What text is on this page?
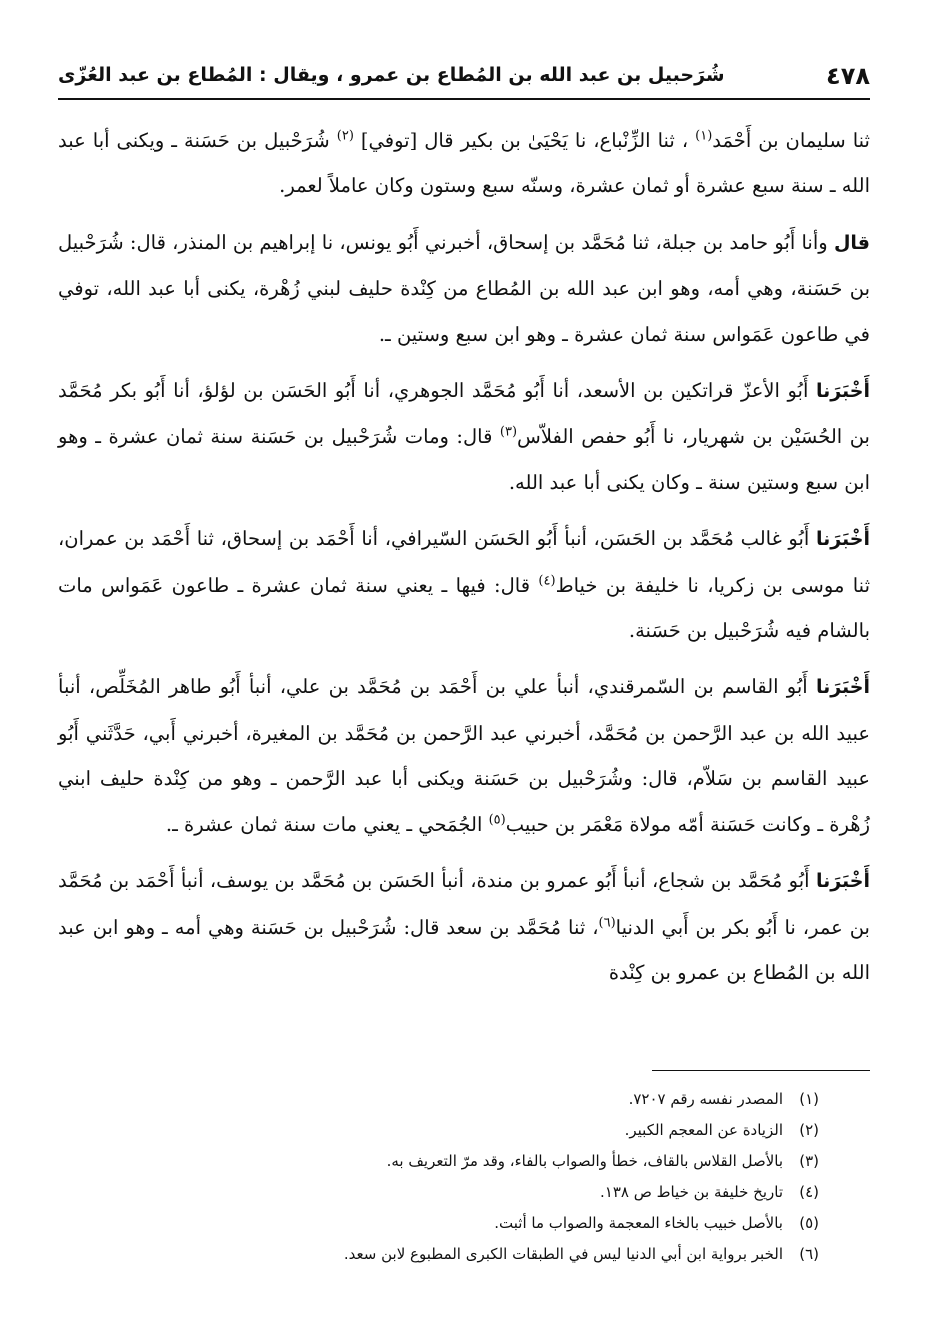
٤٧٨
شُرَحبيل بن عبد الله بن المُطاع بن عمرو ، ويقال : المُطاع بن عبد العُزّى

ثنا سليمان بن أَحْمَد$^{(١)}$ ، ثنا الزِّنْباع، نا يَحْيَىٰ بن بكير قال [توفي] $^{(٢)}$ شُرَحْبيل بن حَسَنة ـ ويكنى أبا عبد الله ـ سنة سبع عشرة أو ثمان عشرة، وسنّه سبع وستون وكان عاملاً لعمر.

قال وأنا أَبُو حامد بن جبلة، ثنا مُحَمَّد بن إسحاق، أخبرني أَبُو يونس، نا إبراهيم بن المنذر، قال: شُرَحْبيل بن حَسَنة، وهي أمه، وهو ابن عبد الله بن المُطاع من كِنْدة حليف لبني زُهْرة، يكنى أبا عبد الله، توفي في طاعون عَمَواس سنة ثمان عشرة ـ وهو ابن سبع وستين ـ.

أَخْبَرَنا أَبُو الأعزّ قراتكين بن الأسعد، أنا أَبُو مُحَمَّد الجوهري، أنا أَبُو الحَسَن بن لؤلؤ، أنا أَبُو بكر مُحَمَّد بن الحُسَيْن بن شهريار، نا أَبُو حفص الفلاّس$^{(٣)}$ قال: ومات شُرَحْبيل بن حَسَنة سنة ثمان عشرة ـ وهو ابن سبع وستين سنة ـ وكان يكنى أبا عبد الله.

أَخْبَرَنا أَبُو غالب مُحَمَّد بن الحَسَن، أنبأ أَبُو الحَسَن السّيرافي، أنا أَحْمَد بن إسحاق، ثنا أَحْمَد بن عمران، ثنا موسى بن زكريا، نا خليفة بن خياط$^{(٤)}$ قال: فيها ـ يعني سنة ثمان عشرة ـ طاعون عَمَواس مات بالشام فيه شُرَحْبيل بن حَسَنة.

أَخْبَرَنا أَبُو القاسم بن السّمرقندي، أنبأ علي بن أَحْمَد بن مُحَمَّد بن علي، أنبأ أَبُو طاهر المُخَلِّص، أنبأ عبيد الله بن عبد الرَّحمن بن مُحَمَّد، أخبرني عبد الرَّحمن بن مُحَمَّد بن المغيرة، أخبرني أَبي، حَدَّثَني أَبُو عبيد القاسم بن سَلاّم، قال: وشُرَحْبيل بن حَسَنة ويكنى أبا عبد الرَّحمن ـ وهو من كِنْدة حليف ابني زُهْرة ـ وكانت حَسَنة أمّه مولاة مَعْمَر بن حبيب$^{(٥)}$ الجُمَحي ـ يعني مات سنة ثمان عشرة ـ.

أَخْبَرَنا أَبُو مُحَمَّد بن شجاع، أنبأ أَبُو عمرو بن مندة، أنبأ الحَسَن بن مُحَمَّد بن يوسف، أنبأ أَحْمَد بن مُحَمَّد بن عمر، نا أَبُو بكر بن أَبي الدنيا$^{(٦)}$، ثنا مُحَمَّد بن سعد قال: شُرَحْبيل بن حَسَنة وهي أمه ـ وهو ابن عبد الله بن المُطاع بن عمرو بن كِنْدة

(١)المصدر نفسه رقم ٧٢٠٧.
(٢)الزيادة عن المعجم الكبير.
(٣)بالأصل القلاس بالقاف، خطأ والصواب بالفاء، وقد مرّ التعريف به.
(٤)تاريخ خليفة بن خياط ص ١٣٨.
(٥)بالأصل خبيب بالخاء المعجمة والصواب ما أثبت.
(٦)الخبر برواية ابن أبي الدنيا ليس في الطبقات الكبرى المطبوع لابن سعد.
